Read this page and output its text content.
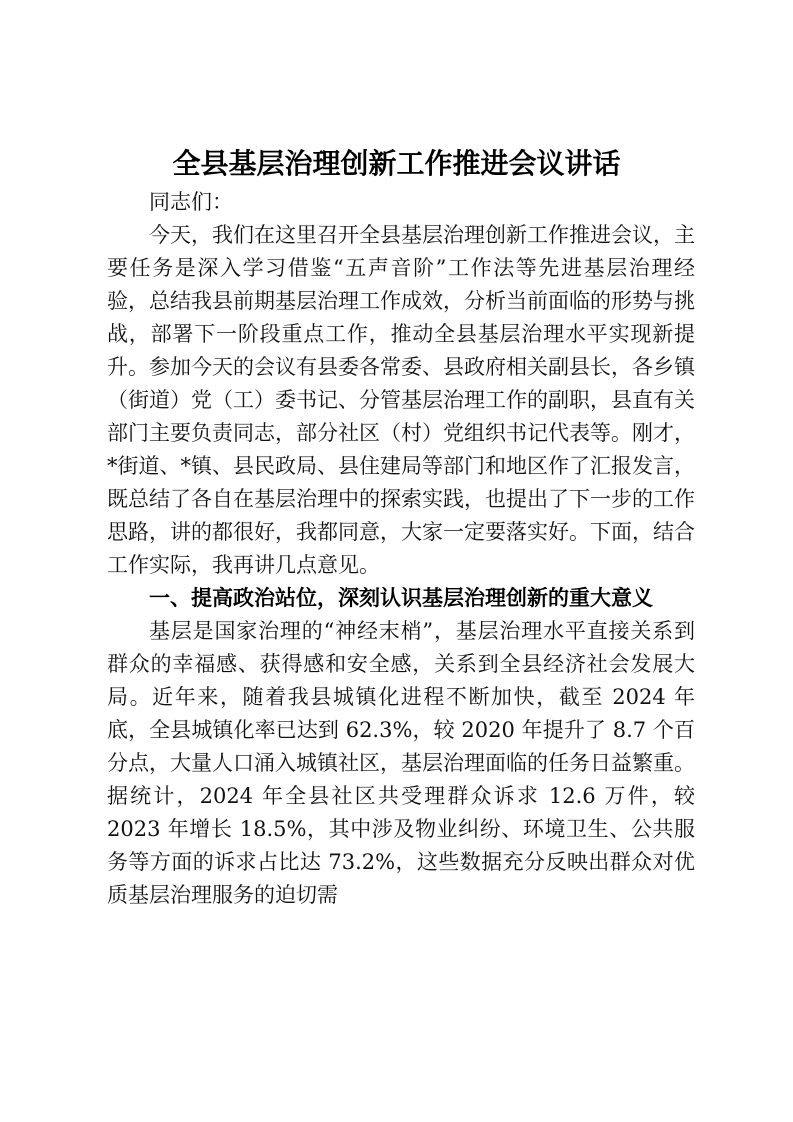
全县基层治理创新工作推进会议讲话

同志们：

今天，我们在这里召开全县基层治理创新工作推进会议，主要任务是深入学习借鉴“五声音阶”工作法等先进基层治理经验，总结我县前期基层治理工作成效，分析当前面临的形势与挑战，部署下一阶段重点工作，推动全县基层治理水平实现新提升。参加今天的会议有县委各常委、县政府相关副县长，各乡镇（街道）党（工）委书记、分管基层治理工作的副职，县直有关部门主要负责同志，部分社区（村）党组织书记代表等。刚才，*街道、*镇、县民政局、县住建局等部门和地区作了汇报发言，既总结了各自在基层治理中的探索实践，也提出了下一步的工作思路，讲的都很好，我都同意，大家一定要落实好。下面，结合工作实际，我再讲几点意见。

一、提高政治站位，深刻认识基层治理创新的重大意义

基层是国家治理的“神经末梢”，基层治理水平直接关系到群众的幸福感、获得感和安全感，关系到全县经济社会发展大局。近年来，随着我县城镇化进程不断加快，截至 2024 年底，全县城镇化率已达到 62.3%，较 2020 年提升了 8.7 个百分点，大量人口涌入城镇社区，基层治理面临的任务日益繁重。据统计，2024 年全县社区共受理群众诉求 12.6 万件，较 2023 年增长 18.5%，其中涉及物业纠纷、环境卫生、公共服务等方面的诉求占比达 73.2%，这些数据充分反映出群众对优质基层治理服务的迫切需
